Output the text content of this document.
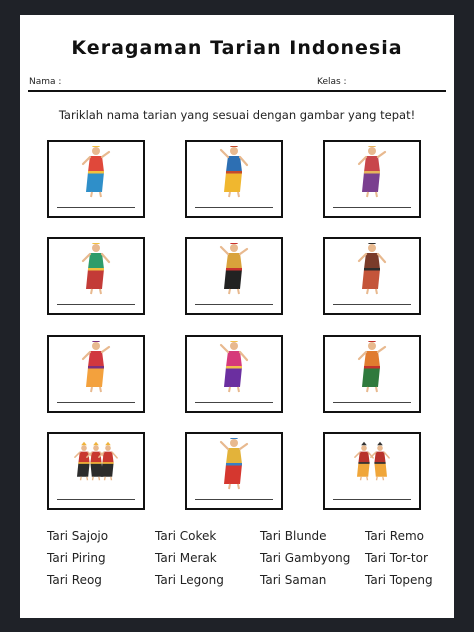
Keragaman Tarian Indonesia
Nama :	Kelas :
Tariklah nama tarian yang sesuai dengan gambar yang tepat!
Tari Sajojo	Tari Cokek	Tari Blunde	Tari Remo
Tari Piring	Tari Merak	Tari Gambyong Tari Tor-tor
Tari Reog	Tari Legong	Tari Saman	Tari Topeng
